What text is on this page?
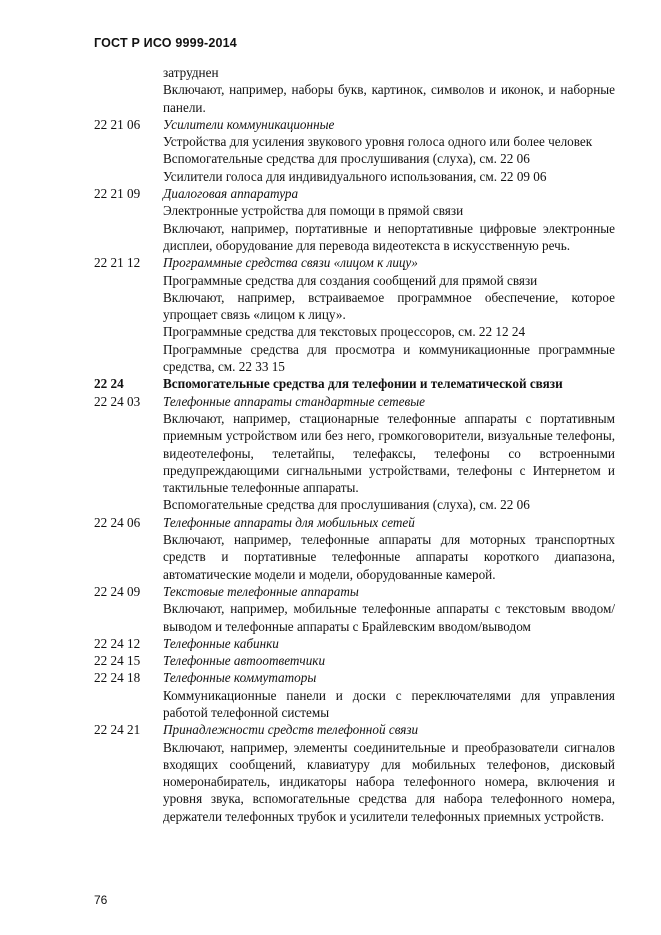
ГОСТ Р ИСО 9999-2014

затруднен

Включают, например, наборы букв, картинок, символов и иконок, и наборные панели.

22 21 06	Усилители коммуникационные

Устройства для усиления звукового уровня голоса одного или более человек

Вспомогательные средства для прослушивания (слуха), см. 22 06

Усилители голоса для индивидуального использования, см. 22 09 06

22 21 09	Диалоговая аппаратура

Электронные устройства для помощи в прямой связи

Включают, например, портативные и непортативные цифровые электронные дисплеи, оборудование для перевода видеотекста в искусственную речь.

22 21 12	Программные средства связи «лицом к лицу»

Программные средства для создания сообщений для прямой связи

Включают, например, встраиваемое программное обеспечение, которое упрощает связь «лицом к лицу».

Программные средства для текстовых процессоров, см. 22 12 24

Программные средства для просмотра и коммуникационные программные средства, см. 22 33 15

22 24	Вспомогательные средства для телефонии и телематической связи

22 24 03	Телефонные аппараты стандартные сетевые

Включают, например, стационарные телефонные аппараты с портативным приемным устройством или без него, громкоговорители, визуальные телефоны, видеотелефоны, телетайпы, телефаксы, телефоны со встроенными предупреждающими сигнальными устройствами, телефоны с Интернетом и тактильные телефонные аппараты.

Вспомогательные средства для прослушивания (слуха), см. 22 06

22 24 06	Телефонные аппараты для мобильных сетей

Включают, например, телефонные аппараты для моторных транспортных средств и портативные телефонные аппараты короткого диапазона, автоматические модели и модели, оборудованные камерой.

22 24 09	Текстовые телефонные аппараты

Включают, например, мобильные телефонные аппараты с текстовым вводом/выводом и телефонные аппараты с Брайлевским вводом/выводом

22 24 12	Телефонные кабинки

22 24 15	Телефонные автоответчики

22 24 18	Телефонные коммутаторы

Коммуникационные панели и доски с переключателями для управления работой телефонной системы

22 24 21	Принадлежности средств телефонной связи

Включают, например, элементы соединительные и преобразователи сигналов входящих сообщений, клавиатуру для мобильных телефонов, дисковый номеронабиратель, индикаторы набора телефонного номера, включения и уровня звука, вспомогательные средства для набора телефонного номера, держатели телефонных трубок и усилители телефонных приемных устройств.

76
